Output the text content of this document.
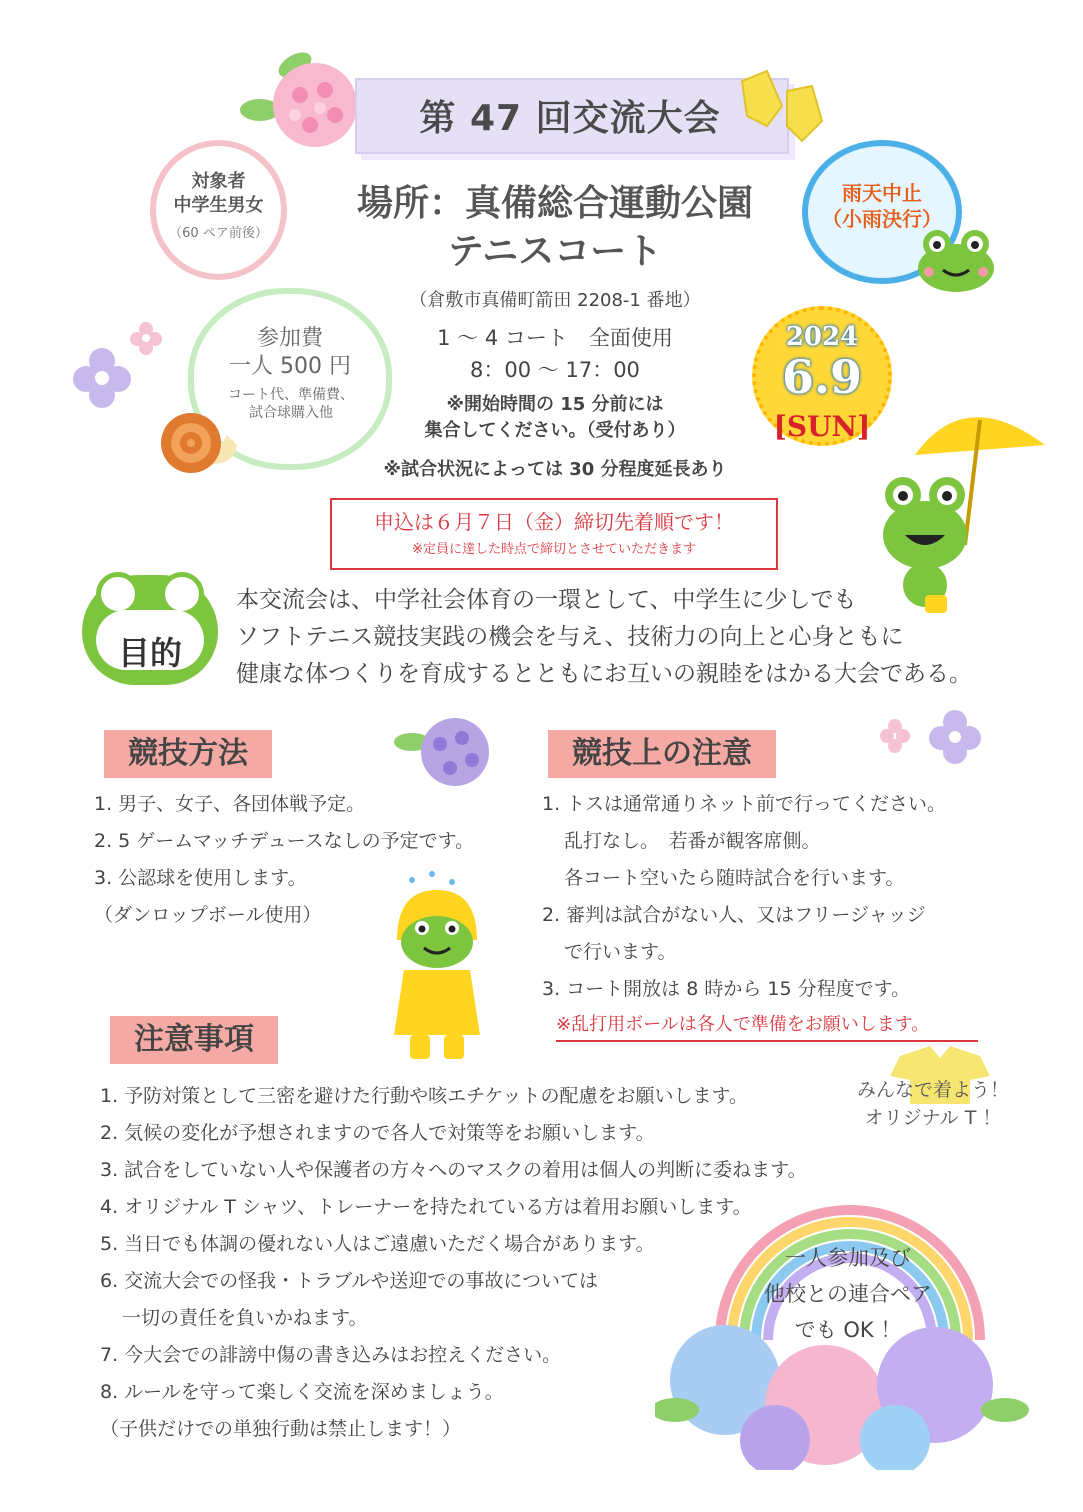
第 47 回交流大会
対象者
中学生男女
（60 ペア前後）
場所：真備総合運動公園
テニスコート
（倉敷市真備町箭田 2208-1 番地）
1 〜 4 コート　全面使用
8：00 〜 17：00
※開始時間の 15 分前には
集合してください。（受付あり）
※試合状況によっては 30 分程度延長あり
雨天中止
（小雨決行）
参加費
一人 500 円
コート代、準備費、
試合球購入他
2024
6.9
[SUN]
申込は６月７日（金）締切先着順です！
※定員に達した時点で締切とさせていただきます
目的
本交流会は、中学社会体育の一環として、中学生に少しでも
ソフトテニス競技実践の機会を与え、技術力の向上と心身ともに
健康な体つくりを育成するとともにお互いの親睦をはかる大会である。
競技方法
1. 男子、女子、各団体戦予定。
2. 5 ゲームマッチデュースなしの予定です。
3. 公認球を使用します。
（ダンロップボール使用）
競技上の注意
1. トスは通常通りネット前で行ってください。
乱打なし。　若番が観客席側。
各コート空いたら随時試合を行います。
2. 審判は試合がない人、又はフリージャッジ
で行います。
3. コート開放は 8 時から 15 分程度です。
※乱打用ボールは各人で準備をお願いします。
注意事項
1. 予防対策として三密を避けた行動や咳エチケットの配慮をお願いします。
2. 気候の変化が予想されますので各人で対策等をお願いします。
3. 試合をしていない人や保護者の方々へのマスクの着用は個人の判断に委ねます。
4. オリジナル T シャツ、トレーナーを持たれている方は着用お願いします。
5. 当日でも体調の優れない人はご遠慮いただく場合があります。
6. 交流大会での怪我・トラブルや送迎での事故については
一切の責任を負いかねます。
7. 今大会での誹謗中傷の書き込みはお控えください。
8. ルールを守って楽しく交流を深めましょう。
（子供だけでの単独行動は禁止します！）
みんなで着よう！
オリジナル T ！
一人参加及び
他校との連合ペア
でも OK ！
